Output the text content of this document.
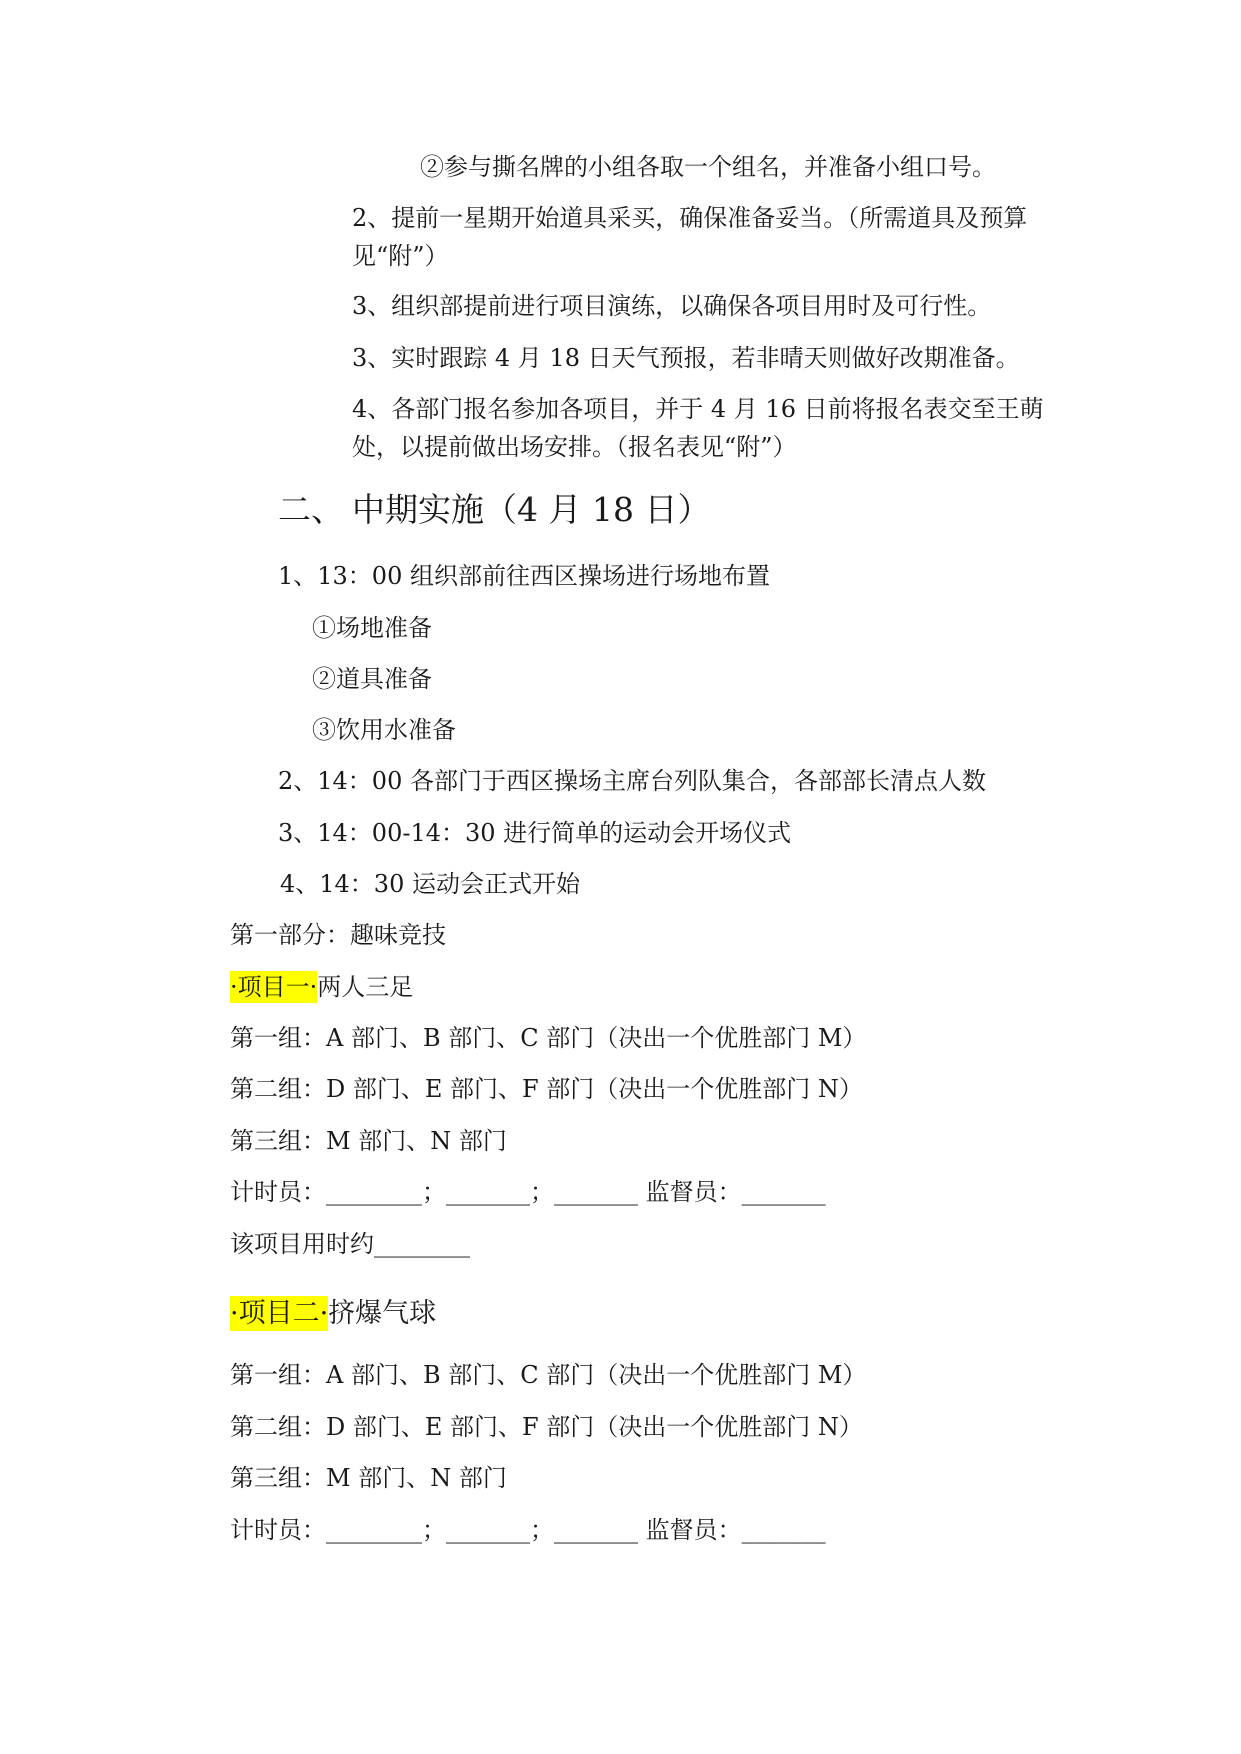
②参与撕名牌的小组各取一个组名，并准备小组口号。
2、提前一星期开始道具采买，确保准备妥当。（所需道具及预算见“附”）
3、组织部提前进行项目演练，以确保各项目用时及可行性。
3、实时跟踪 4 月 18 日天气预报，若非晴天则做好改期准备。
4、各部门报名参加各项目，并于 4 月 16 日前将报名表交至王萌处，以提前做出场安排。（报名表见“附”）
二、 中期实施（4 月 18 日）
1、13：00 组织部前往西区操场进行场地布置
①场地准备
②道具准备
③饮用水准备
2、14：00 各部门于西区操场主席台列队集合，各部部长清点人数
3、14：00-14：30 进行简单的运动会开场仪式
4、14：30 运动会正式开始
第一部分：趣味竞技
·项目一·两人三足
第一组：A 部门、B 部门、C 部门（决出一个优胜部门 M）
第二组：D 部门、E 部门、F 部门（决出一个优胜部门 N）
第三组：M 部门、N 部门
计时员：________；_______；_______ 监督员：_______
该项目用时约________
·项目二·挤爆气球
第一组：A 部门、B 部门、C 部门（决出一个优胜部门 M）
第二组：D 部门、E 部门、F 部门（决出一个优胜部门 N）
第三组：M 部门、N 部门
计时员：________；_______；_______ 监督员：_______
